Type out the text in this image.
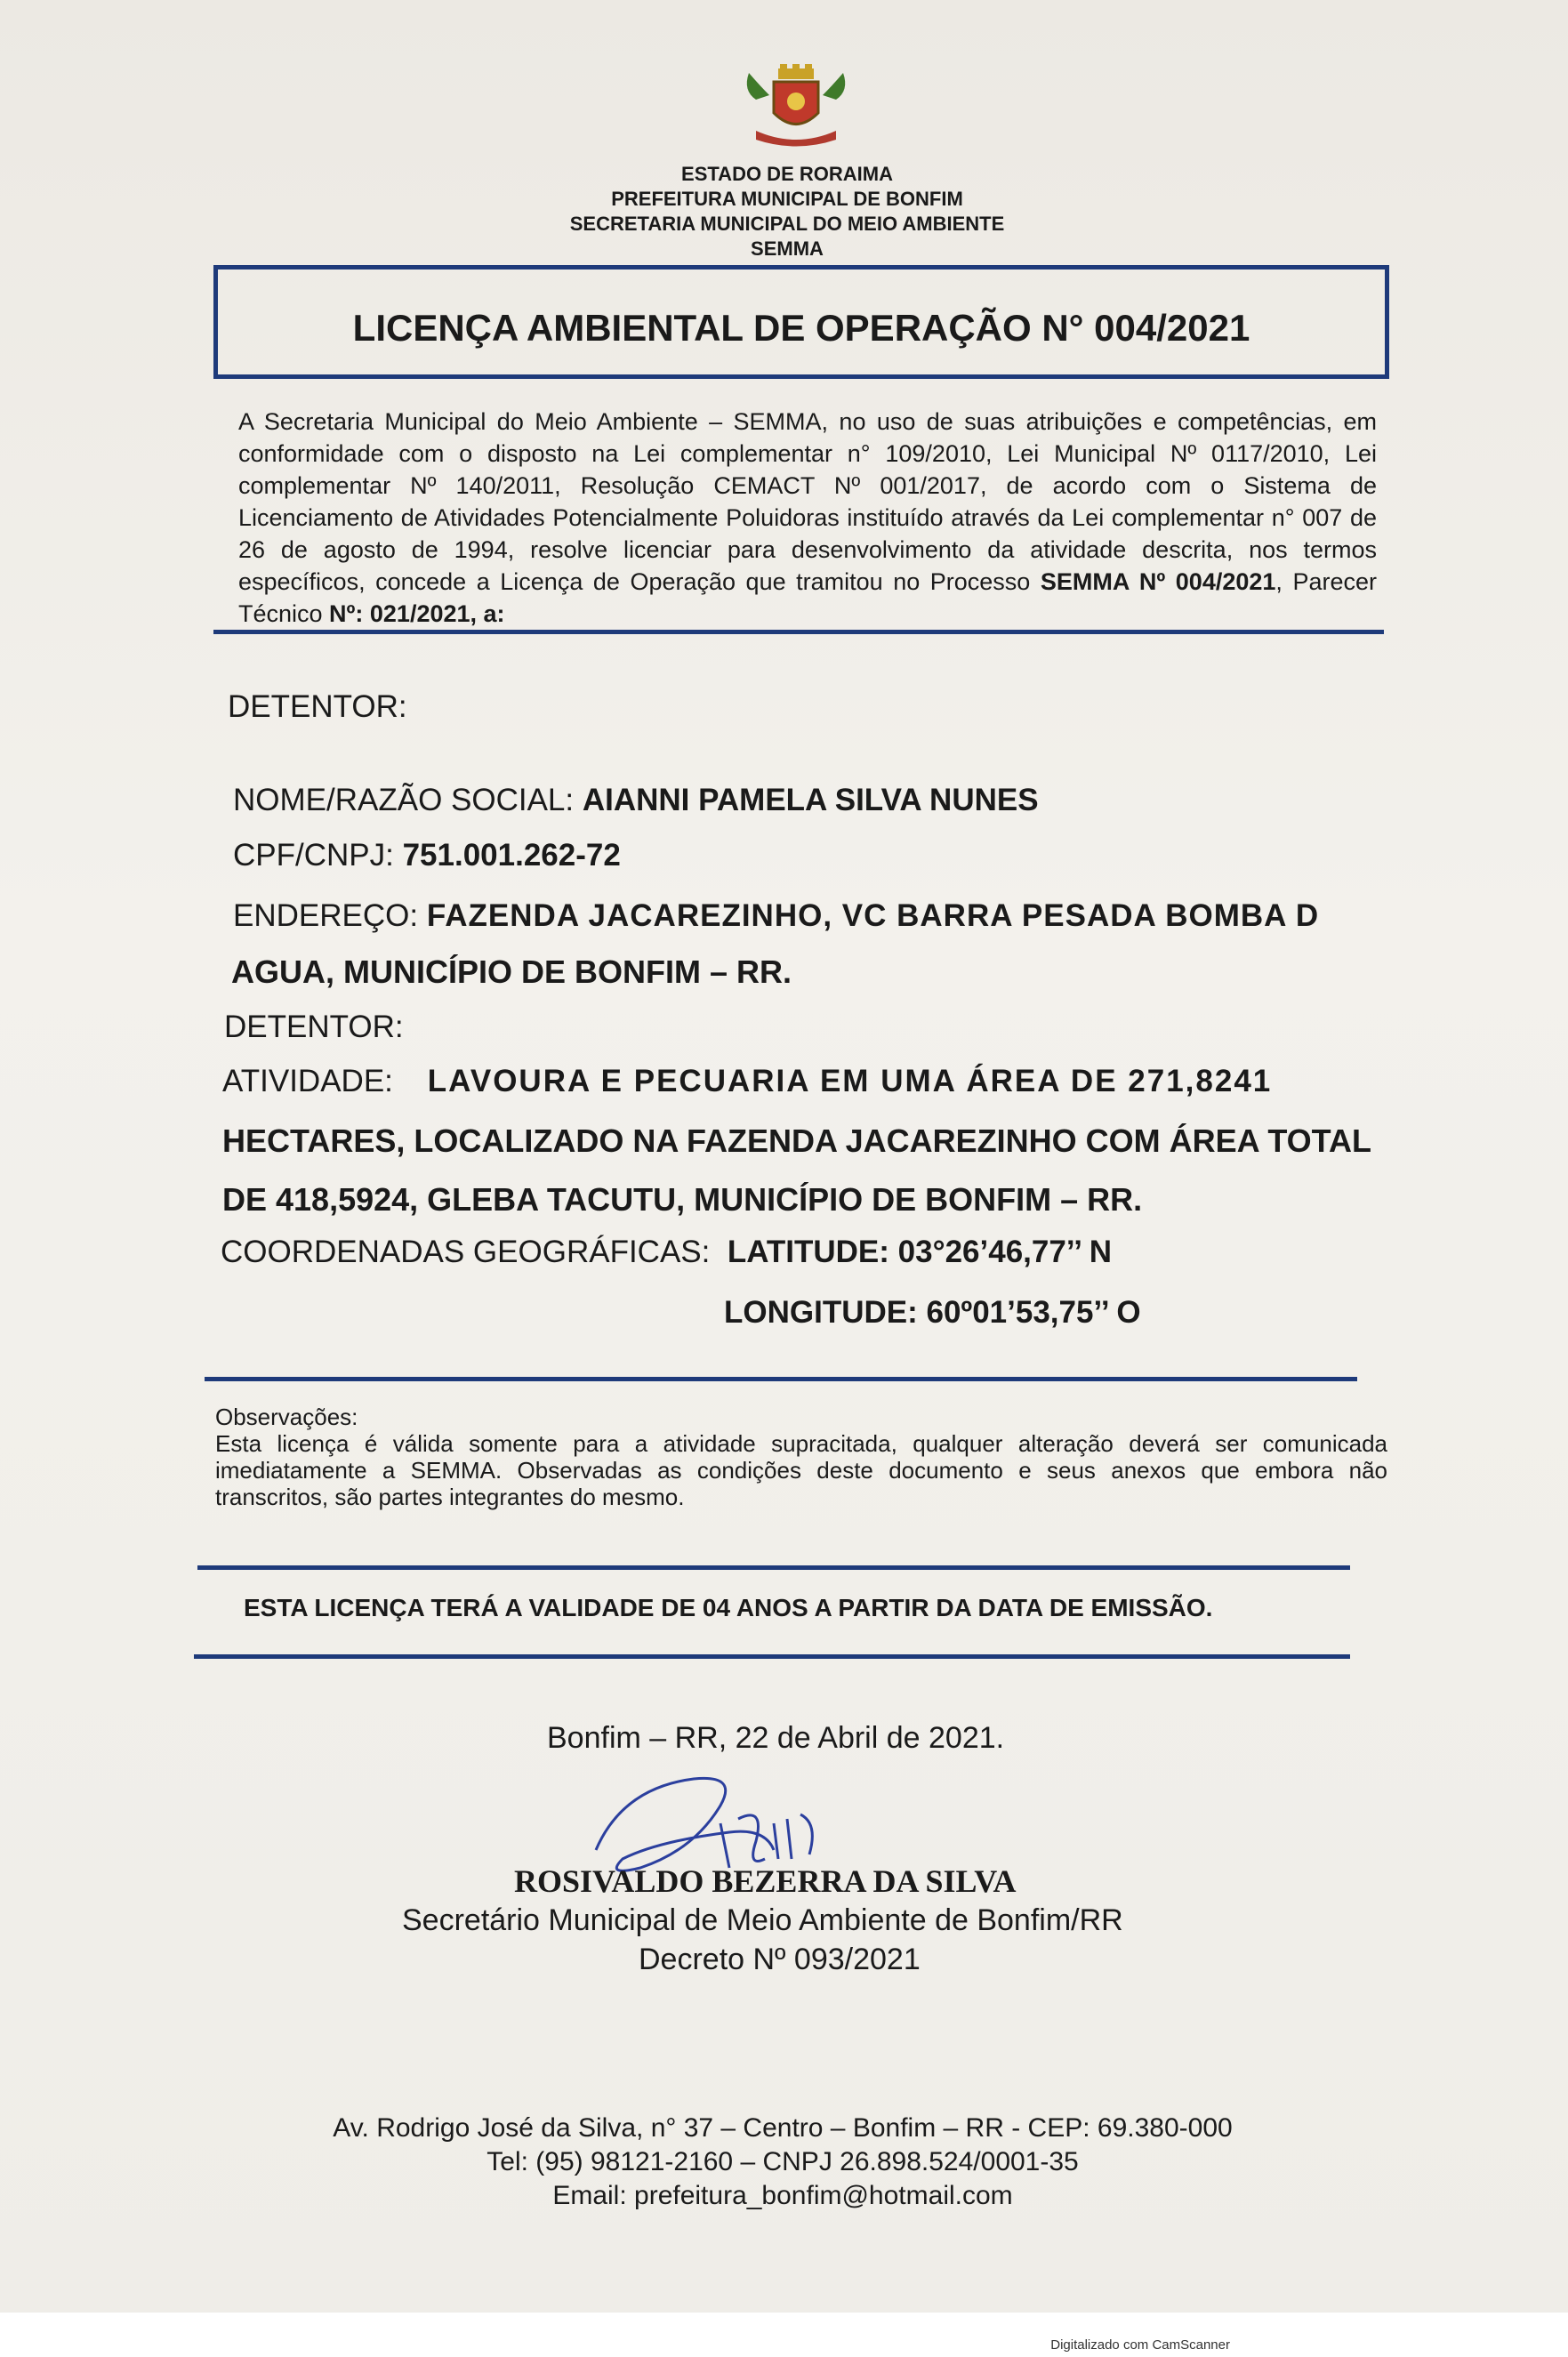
ESTADO DE RORAIMA
PREFEITURA MUNICIPAL DE BONFIM
SECRETARIA MUNICIPAL DO MEIO AMBIENTE
SEMMA
LICENÇA AMBIENTAL DE OPERAÇÃO N° 004/2021
A Secretaria Municipal do Meio Ambiente – SEMMA, no uso de suas atribuições e competências, em conformidade com o disposto na Lei complementar n° 109/2010, Lei Municipal Nº 0117/2010, Lei complementar Nº 140/2011, Resolução CEMACT Nº 001/2017, de acordo com o Sistema de Licenciamento de Atividades Potencialmente Poluidoras instituído através da Lei complementar n° 007 de 26 de agosto de 1994, resolve licenciar para desenvolvimento da atividade descrita, nos termos específicos, concede a Licença de Operação que tramitou no Processo SEMMA Nº 004/2021, Parecer Técnico Nº: 021/2021, a:
DETENTOR:
NOME/RAZÃO SOCIAL: AIANNI PAMELA SILVA NUNES
CPF/CNPJ: 751.001.262-72
ENDEREÇO: FAZENDA JACAREZINHO, VC BARRA PESADA BOMBA D
AGUA, MUNICÍPIO DE BONFIM – RR.
DETENTOR:
ATIVIDADE: LAVOURA E PECUARIA EM UMA ÁREA DE 271,8241
HECTARES, LOCALIZADO NA FAZENDA JACAREZINHO COM ÁREA TOTAL
DE 418,5924, GLEBA TACUTU, MUNICÍPIO DE BONFIM – RR.
COORDENADAS GEOGRÁFICAS: LATITUDE: 03°26’46,77’’ N
LONGITUDE: 60º01’53,75’’ O
Observações:
Esta licença é válida somente para a atividade supracitada, qualquer alteração deverá ser comunicada imediatamente a SEMMA. Observadas as condições deste documento e seus anexos que embora não transcritos, são partes integrantes do mesmo.
ESTA LICENÇA TERÁ A VALIDADE DE 04 ANOS A PARTIR DA DATA DE EMISSÃO.
Bonfim – RR, 22 de Abril de 2021.
ROSIVALDO BEZERRA DA SILVA
Secretário Municipal de Meio Ambiente de Bonfim/RR
Decreto Nº 093/2021
Av. Rodrigo José da Silva, n° 37 – Centro – Bonfim – RR - CEP: 69.380-000
Tel: (95) 98121-2160 – CNPJ 26.898.524/0001-35
Email: prefeitura_bonfim@hotmail.com
Digitalizado com CamScanner
